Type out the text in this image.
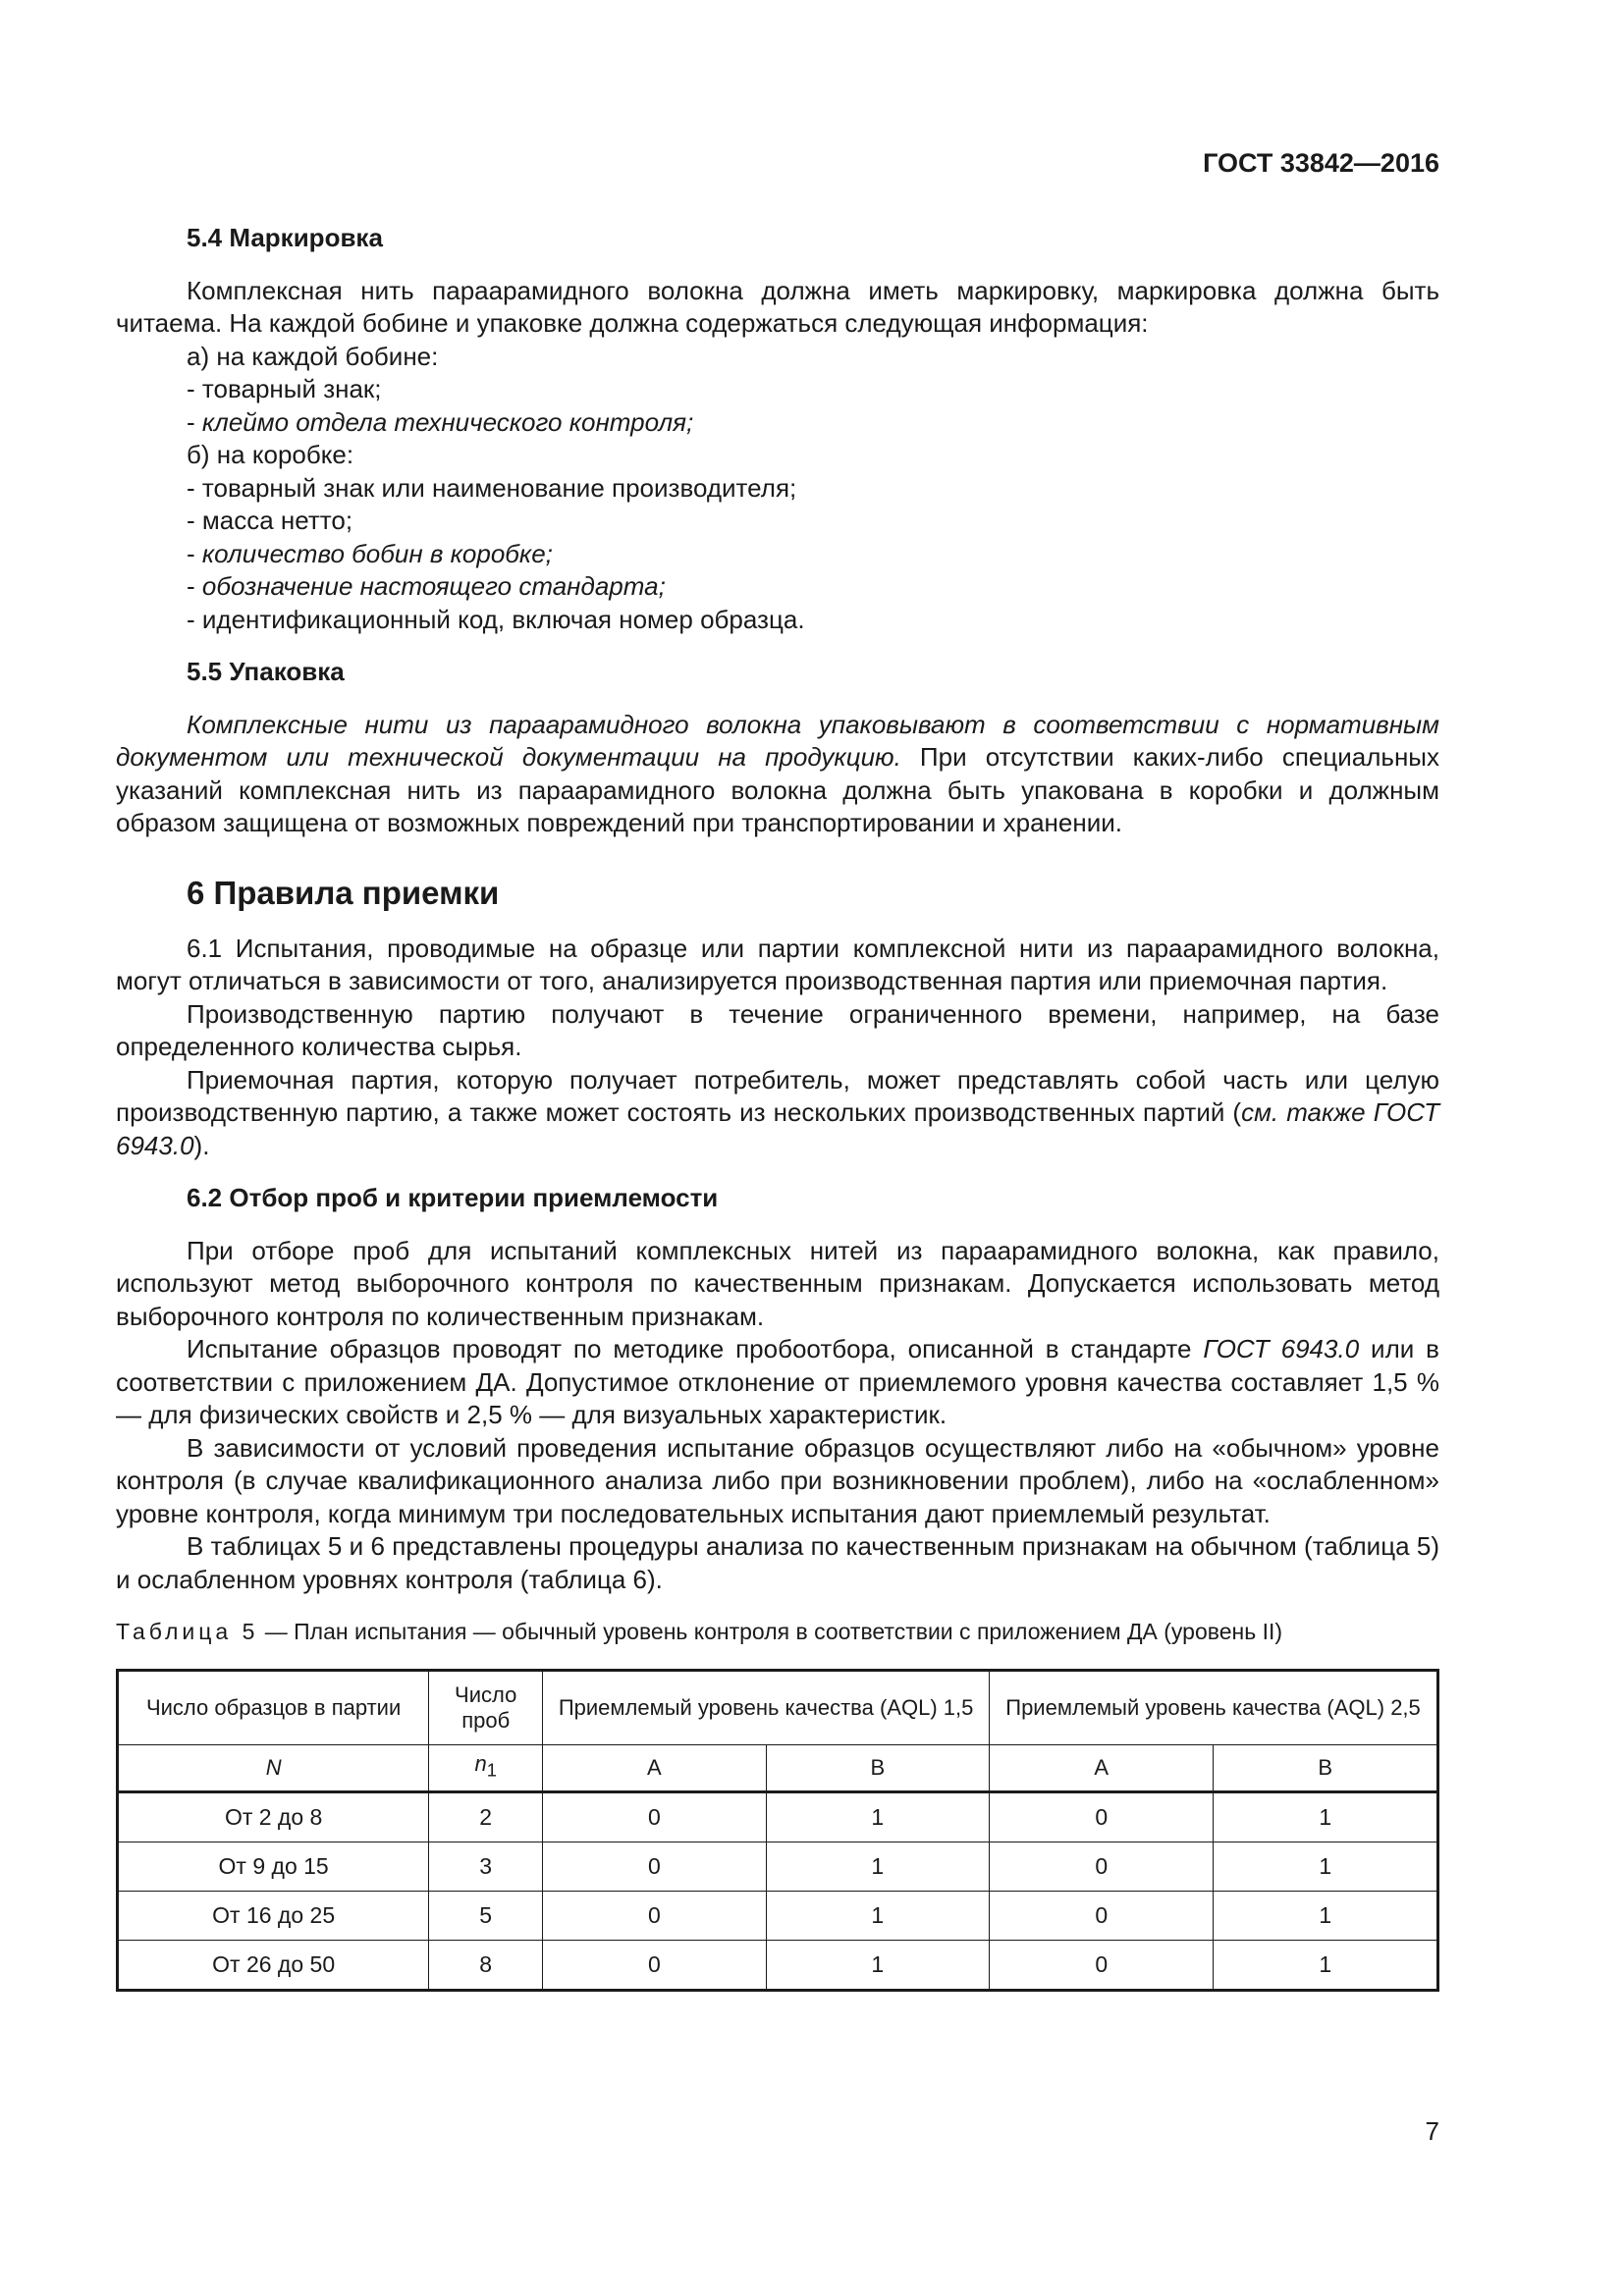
ГОСТ 33842—2016

5.4 Маркировка

Комплексная нить параарамидного волокна должна иметь маркировку, маркировка должна быть читаема. На каждой бобине и упаковке должна содержаться следующая информация:

а) на каждой бобине:

- товарный знак;

- клеймо отдела технического контроля;

б) на коробке:

- товарный знак или наименование производителя;

- масса нетто;

- количество бобин в коробке;

- обозначение настоящего стандарта;

- идентификационный код, включая номер образца.

5.5 Упаковка

Комплексные нити из параарамидного волокна упаковывают в соответствии с нормативным документом или технической документации на продукцию. При отсутствии каких-либо специальных указаний комплексная нить из параарамидного волокна должна быть упакована в коробки и должным образом защищена от возможных повреждений при транспортировании и хранении.

6 Правила приемки

6.1 Испытания, проводимые на образце или партии комплексной нити из параарамидного волокна, могут отличаться в зависимости от того, анализируется производственная партия или приемочная партия.

Производственную партию получают в течение ограниченного времени, например, на базе определенного количества сырья.

Приемочная партия, которую получает потребитель, может представлять собой часть или целую производственную партию, а также может состоять из нескольких производственных партий (см. также ГОСТ 6943.0).

6.2 Отбор проб и критерии приемлемости

При отборе проб для испытаний комплексных нитей из параарамидного волокна, как правило, используют метод выборочного контроля по качественным признакам. Допускается использовать метод выборочного контроля по количественным признакам.

Испытание образцов проводят по методике пробоотбора, описанной в стандарте ГОСТ 6943.0 или в соответствии с приложением ДА. Допустимое отклонение от приемлемого уровня качества составляет 1,5 % — для физических свойств и 2,5 % — для визуальных характеристик.

В зависимости от условий проведения испытание образцов осуществляют либо на «обычном» уровне контроля (в случае квалификационного анализа либо при возникновении проблем), либо на «ослабленном» уровне контроля, когда минимум три последовательных испытания дают приемлемый результат.

В таблицах 5 и 6 представлены процедуры анализа по качественным признакам на обычном (таблица 5) и ослабленном уровнях контроля (таблица 6).

Таблица 5 — План испытания — обычный уровень контроля в соответствии с приложением ДА (уровень II)

Число образцов в партии	Число проб	Приемлемый уровень качества (AQL) 1,5		Приемлемый уровень качества (AQL) 2,5	
N	$n_1$	A	B	A	B
От 2 до 8	2	0	1	0	1
От 9 до 15	3	0	1	0	1
От 16 до 25	5	0	1	0	1
От 26 до 50	8	0	1	0	1
7
